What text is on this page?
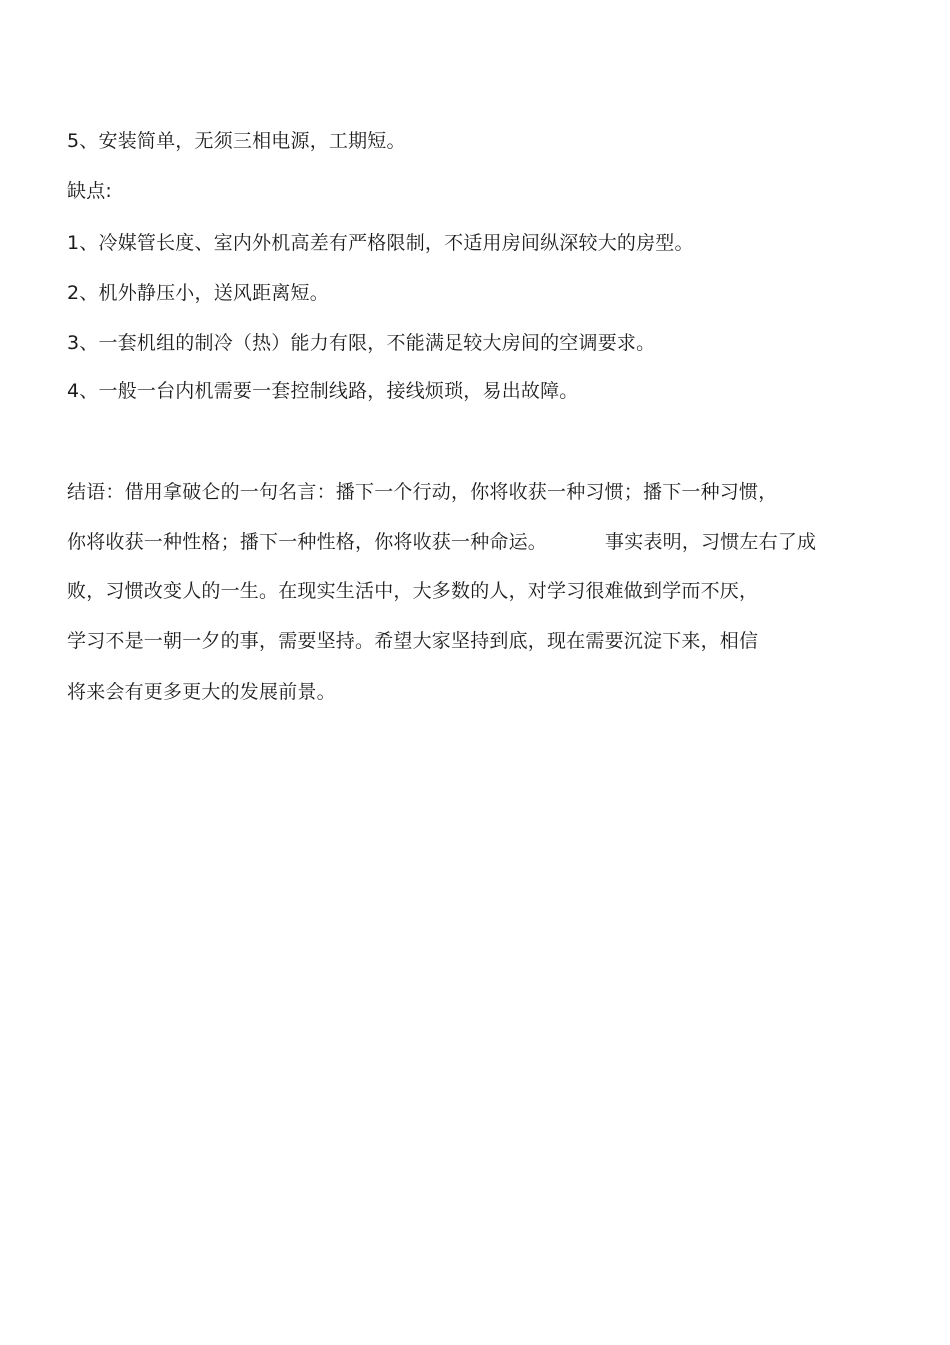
5、安装简单，无须三相电源，工期短。
缺点:
1、冷媒管长度、室内外机高差有严格限制，不适用房间纵深较大的房型。
2、机外静压小，送风距离短。
3、一套机组的制冷（热）能力有限，不能满足较大房间的空调要求。
4、一般一台内机需要一套控制线路，接线烦琐，易出故障。
结语：借用拿破仑的一句名言：播下一个行动，你将收获一种习惯；播下一种习惯，
你将收获一种性格；播下一种性格，你将收获一种命运。	事实表明，习惯左右了成
败，习惯改变人的一生。在现实生活中，大多数的人，对学习很难做到学而不厌，
学习不是一朝一夕的事，需要坚持。希望大家坚持到底，现在需要沉淀下来，相信
将来会有更多更大的发展前景。
